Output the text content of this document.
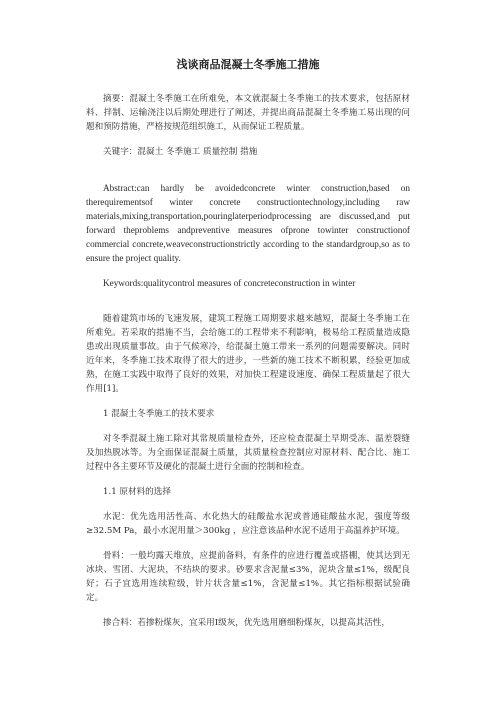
浅谈商品混凝土冬季施工措施

摘要：混凝土冬季施工在所难免，本文就混凝土冬季施工的技术要求，包括原材料、拌制、运输浇注以后期处理进行了阐述，并提出商品混凝土冬季施工易出现的问题和预防措施，严格按规范组织施工，从而保证工程质量。

关键字：混凝土 冬季施工 质量控制 措施

Abstract:can hardly be avoidedconcrete winter construction,based on therequirementsof winter concrete constructiontechnology,including raw materials,mixing,transportation,pouringlaterperiodprocessing are discussed,and put forward theproblems andpreventive measures ofprone towinter constructionof commercial concrete,weaveconstructionstrictly according to the standardgroup,so as to ensure the project quality.

Keywords:qualitycontrol measures of concreteconstruction in winter

随着建筑市场的飞速发展，建筑工程施工周期要求越来越短，混凝土冬季施工在所难免。若采取的措施不当，会给施工的工程带来不利影响，极易给工程质量造成隐患或出现质量事故。由于气候寒冷，给混凝土施工带来一系列的问题需要解决。同时近年来，冬季施工技术取得了很大的进步，一些新的施工技术不断积累，经验更加成熟，在施工实践中取得了良好的效果，对加快工程建设速度、确保工程质量起了很大作用[1]。

1 混凝土冬季施工的技术要求

对冬季混凝土施工除对其常规质量检查外，还应检查混凝土早期受冻、温差裂缝及加热脱冰等。为全面保证混凝土质量，其质量检查控制应对原材料、配合比、施工过程中各主要环节及硬化的混凝土进行全面的控制和检查。

1.1 原材料的选择

水泥：优先选用活性高、水化热大的硅酸盐水泥或普通硅酸盐水泥，强度等级≥32.5M Pa，最小水泥用量＞300kg ，应注意该品种水泥不适用于高温养护环境。

骨料：一般均露天堆放，应提前备料，有条件的应进行覆盖或搭棚，使其达到无冰块、雪团、大泥块，不结块的要求。砂要求含泥量≤3%，泥块含量≤1%，级配良好；石子宜选用连续粒级，针片状含量≤1%，含泥量≤1%。其它指标根据试验确定。

掺合料：若掺粉煤灰，宜采用Ⅰ级灰，优先选用磨细粉煤灰，以提高其活性，
